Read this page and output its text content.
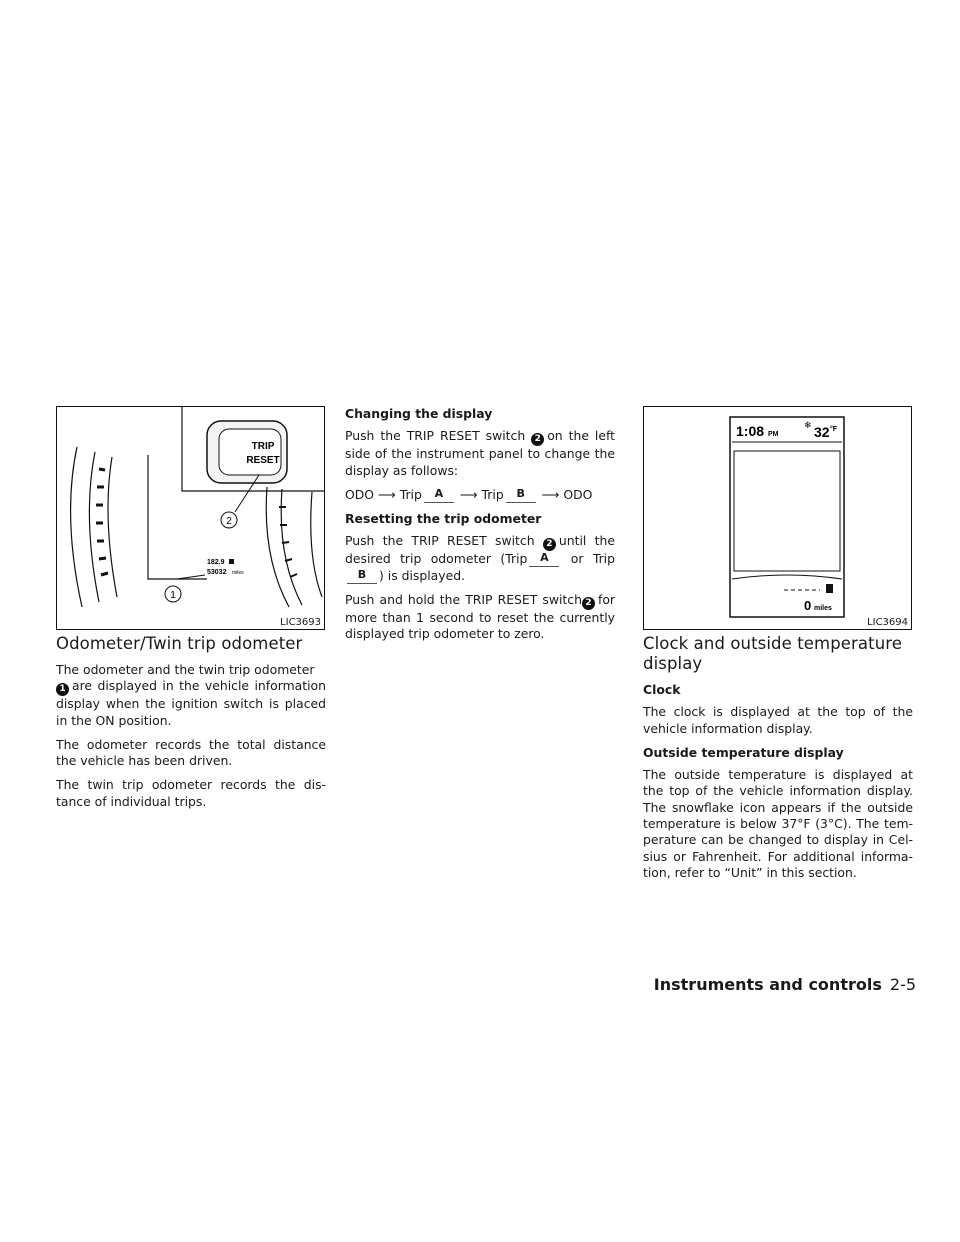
TRIP
RESET
182.9
53032 miles
1
2
LIC3693
1:08 PM
❄ 32 °F
0 miles
LIC3694
Odometer/Twin trip odometer

The odometer and the twin trip odometer
1 are displayed in the vehicle information display when the ignition switch is placed in the ON position.

The odometer records the total distance the vehicle has been driven.

The twin trip odometer records the dis- tance of individual trips.

Changing the display

Push the TRIP RESET switch 2 on the left side of the instrument panel to change the display as follows:

ODO ⟶ Trip A ⟶ Trip B ⟶ ODO

Resetting the trip odometer

Push the TRIP RESET switch 2 until the desired trip odometer (Trip A or TripB ) is displayed.

Push and hold the TRIP RESET switch 2 for more than 1 second to reset the currently displayed trip odometer to zero.

Clock and outside temperature display
Clock

The clock is displayed at the top of the vehicle information display.

Outside temperature display

The outside temperature is displayed at the top of the vehicle information display. The snowflake icon appears if the outside temperature is below 37°F (3°C). The tem- perature can be changed to display in Cel- sius or Fahrenheit. For additional informa- tion, refer to “Unit” in this section.

Instruments and controls 2-5
